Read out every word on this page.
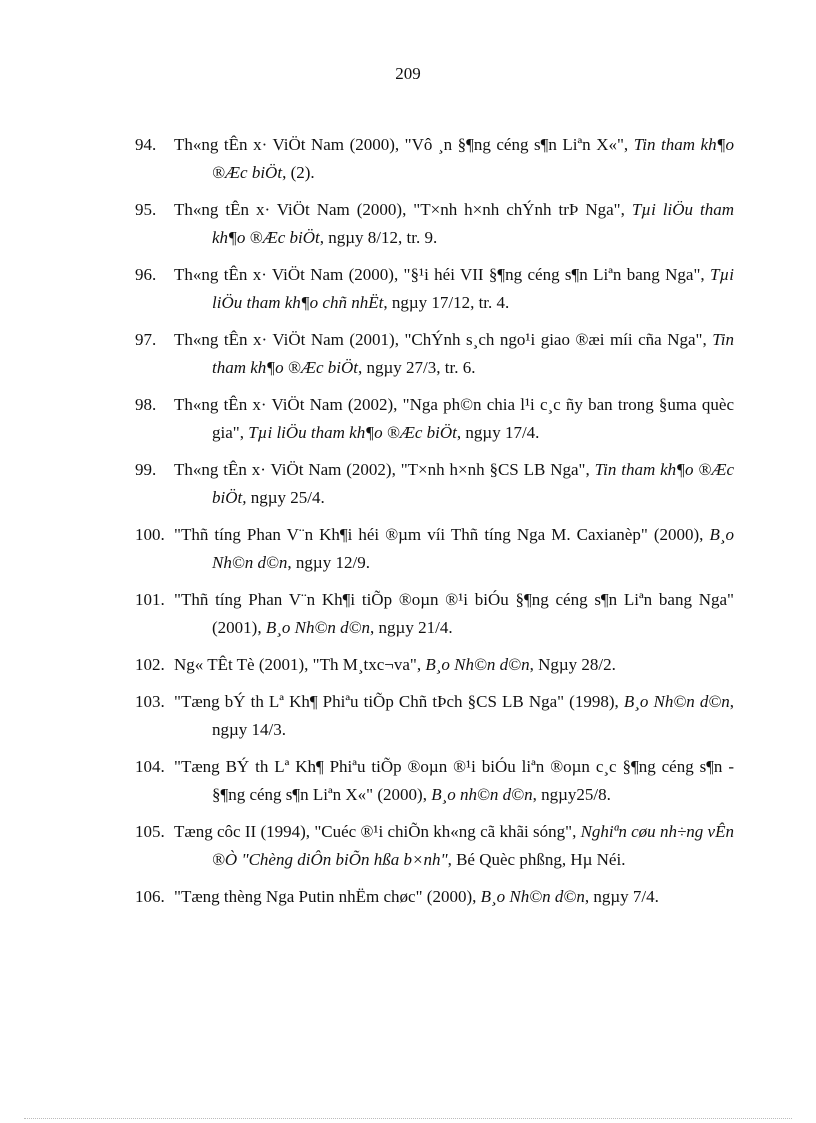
209
94. Th«ng tÊn x· ViÖt Nam (2000), "Vô ¸n §¶ng céng s¶n Liªn X«", Tin tham kh¶o ®Æc biÖt, (2).
95. Th«ng tÊn x· ViÖt Nam (2000), "T×nh h×nh chÝnh trÞ Nga", Tµi liÖu tham kh¶o ®Æc biÖt, ngµy 8/12, tr. 9.
96. Th«ng tÊn x· ViÖt Nam (2000), "§¹i héi VII §¶ng céng s¶n Liªn bang Nga", Tµi liÖu tham kh¶o chñ nhËt, ngµy 17/12, tr. 4.
97. Th«ng tÊn x· ViÖt Nam (2001), "ChÝnh s¸ch ngo¹i giao ®æi míi cña Nga", Tin tham kh¶o ®Æc biÖt, ngµy 27/3, tr. 6.
98. Th«ng tÊn x· ViÖt Nam (2002), "Nga ph©n chia l¹i c¸c ñy ban trong §uma quèc gia", Tµi liÖu tham kh¶o ®Æc biÖt, ngµy 17/4.
99. Th«ng tÊn x· ViÖt Nam (2002), "T×nh h×nh §CS LB Nga", Tin tham kh¶o ®Æc biÖt, ngµy 25/4.
100. "Thñ tíng Phan V¨n Kh¶i héi ®µm víi Thñ tíng Nga M. Caxianèp" (2000), B¸o Nh©n d©n, ngµy 12/9.
101. "Thñ tíng Phan V¨n Kh¶i tiÕp ®oµn ®¹i biÓu §¶ng céng s¶n Liªn bang Nga" (2001), B¸o Nh©n d©n, ngµy 21/4.
102. Ng« TÊt Tè (2001), "Th M¸txc¬va", B¸o Nh©n d©n, Ngµy 28/2.
103. "Tæng bÝ th Lª Kh¶ Phiªu tiÕp Chñ tÞch §CS LB Nga" (1998), B¸o Nh©n d©n, ngµy 14/3.
104. "Tæng BÝ th Lª Kh¶ Phiªu tiÕp ®oµn ®¹i biÓu liªn ®oµn c¸c §¶ng céng s¶n - §¶ng céng s¶n Liªn X«" (2000), B¸o nh©n d©n, ngµy25/8.
105. Tæng côc II (1994), "Cuéc ®¹i chiÕn kh«ng cã khãi sóng", Nghiªn cøu nh÷ng vÊn ®Ò "Chèng diÔn biÕn hßa b×nh", Bé Quèc phßng, Hµ Néi.
106. "Tæng thèng Nga Putin nhËm chøc" (2000), B¸o Nh©n d©n, ngµy 7/4.
